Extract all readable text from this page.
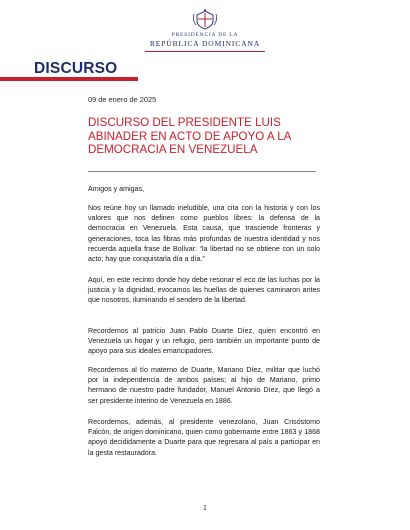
PRESIDENCIA DE LA
REPÚBLICA DOMINICANA
DISCURSO
09 de enero de 2025
DISCURSO DEL PRESIDENTE LUIS ABINADER EN ACTO DE APOYO A LA DEMOCRACIA EN VENEZUELA

Amigos y amigas,

Nos reúne hoy un llamado ineludible, una cita con la historia y con los valores que nos definen como pueblos libres: la defensa de la democracia en Venezuela. Esta causa, que trasciende fronteras y generaciones, toca las fibras más profundas de nuestra identidad y nos recuerda aquella frase de Bolívar: “la libertad no se obtiene con un solo acto; hay que conquistarla día a día.”

Aquí, en este recinto donde hoy debe resonar el eco de las luchas por la justicia y la dignidad, evocamos las huellas de quienes caminaron antes que nosotros, iluminando el sendero de la libertad.

Recordemos al patricio Juan Pablo Duarte Díez, quien encontró en Venezuela un hogar y un refugio, pero también un importante punto de apoyo para sus ideales emancipadores.

Recordemos al tío materno de Duarte, Mariano Díez, militar que luchó por la independencia de ambos países; al hijo de Mariano, primo hermano de nuestro padre fundador, Manuel Antonio Díez, que llegó a ser presidente interino de Venezuela en 1886.

Recordemos, además, al presidente venezolano, Juan Crisóstomo Falcón, de origen dominicano, quien como gobernante entre 1863 y 1868 apoyó decididamente a Duarte para que regresara al país a participar en la gesta restauradora.

1
